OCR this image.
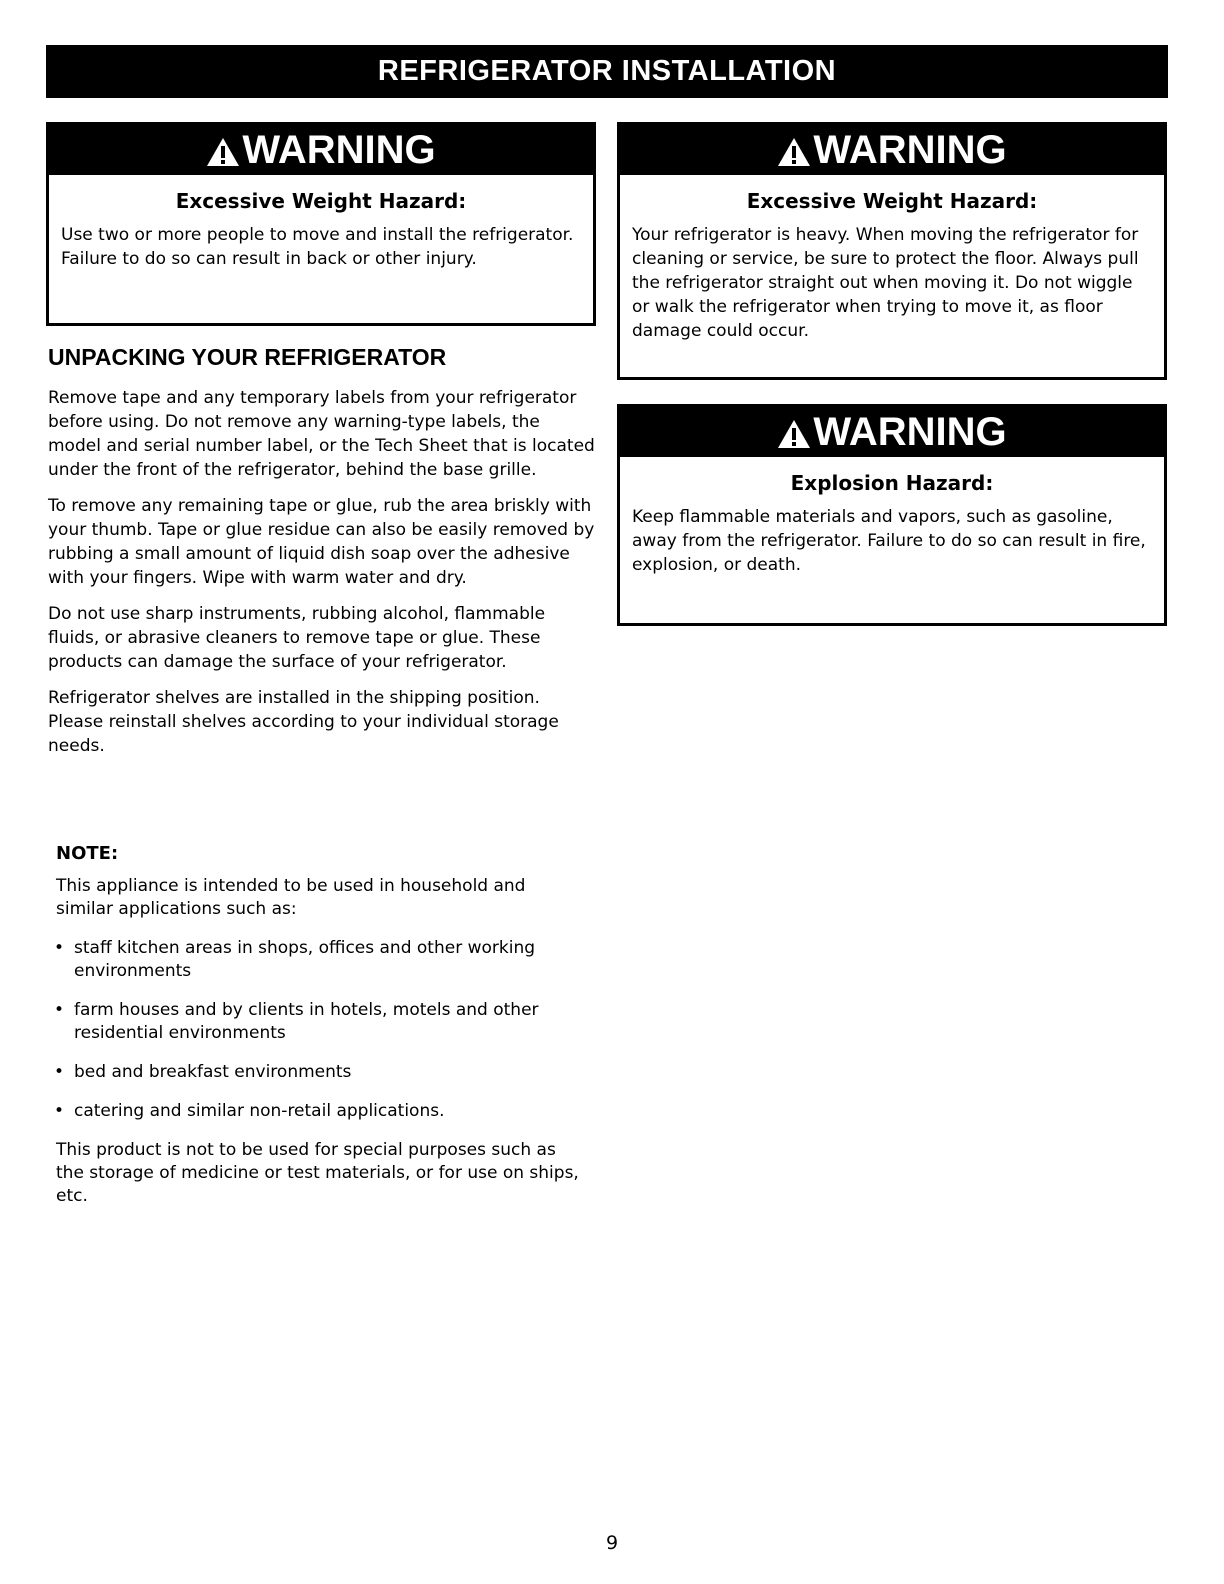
REFRIGERATOR INSTALLATION
WARNING
Excessive Weight Hazard:
Use two or more people to move and install the refrigerator. Failure to do so can result in back or other injury.
WARNING
Excessive Weight Hazard:
Your refrigerator is heavy. When moving the refrigerator for cleaning or service, be sure to protect the floor. Always pull the refrigerator straight out when moving it. Do not wiggle or walk the refrigerator when trying to move it, as floor damage could occur.
WARNING
Explosion Hazard:
Keep flammable materials and vapors, such as gasoline, away from the refrigerator. Failure to do so can result in fire, explosion, or death.
UNPACKING YOUR REFRIGERATOR

Remove tape and any temporary labels from your refrigerator before using. Do not remove any warning-type labels, the model and serial number label, or the Tech Sheet that is located under the front of the refrigerator, behind the base grille.

To remove any remaining tape or glue, rub the area briskly with your thumb. Tape or glue residue can also be easily removed by rubbing a small amount of liquid dish soap over the adhesive with your fingers. Wipe with warm water and dry.

Do not use sharp instruments, rubbing alcohol, flammable fluids, or abrasive cleaners to remove tape or glue. These products can damage the surface of your refrigerator.

Refrigerator shelves are installed in the shipping position. Please reinstall shelves according to your individual storage needs.

NOTE:

This appliance is intended to be used in household and similar applications such as:

• staff kitchen areas in shops, offices and other working environments
• farm houses and by clients in hotels, motels and other residential environments
• bed and breakfast environments
• catering and similar non-retail applications.

This product is not to be used for special purposes such as the storage of medicine or test materials, or for use on ships, etc.

9
